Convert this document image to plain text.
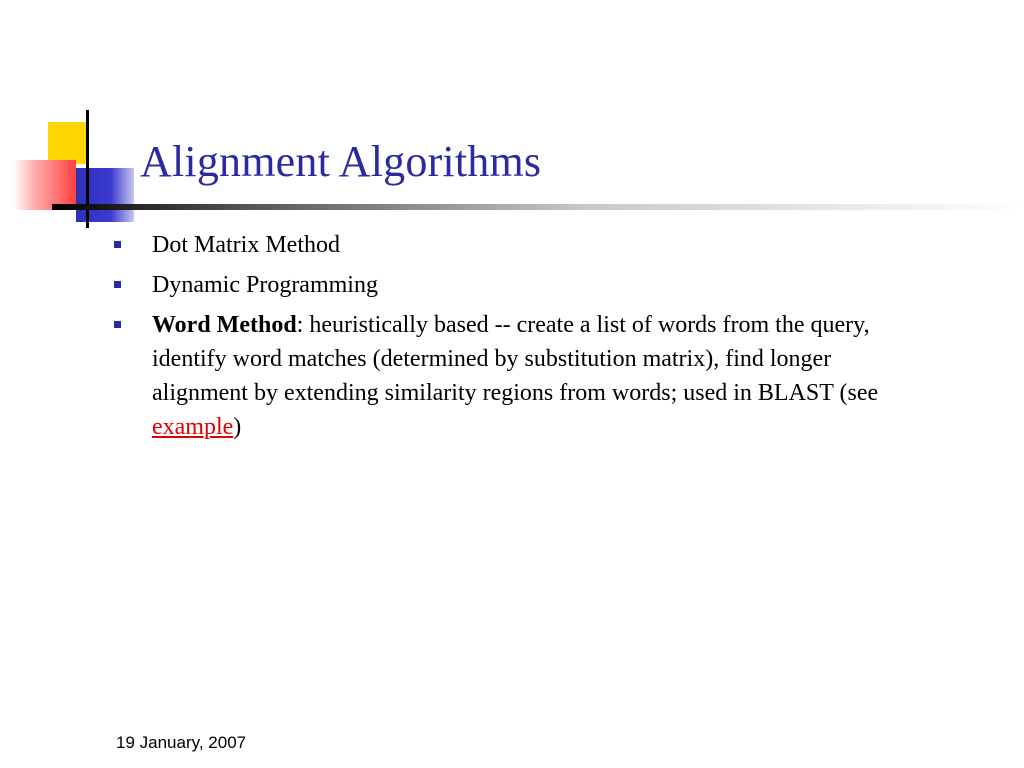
Alignment Algorithms
Dot Matrix Method
Dynamic Programming
Word Method: heuristically based -- create a list of words from the query, identify word matches (determined by substitution matrix), find longer alignment by extending similarity regions from words; used in BLAST (see example)
19 January, 2007
